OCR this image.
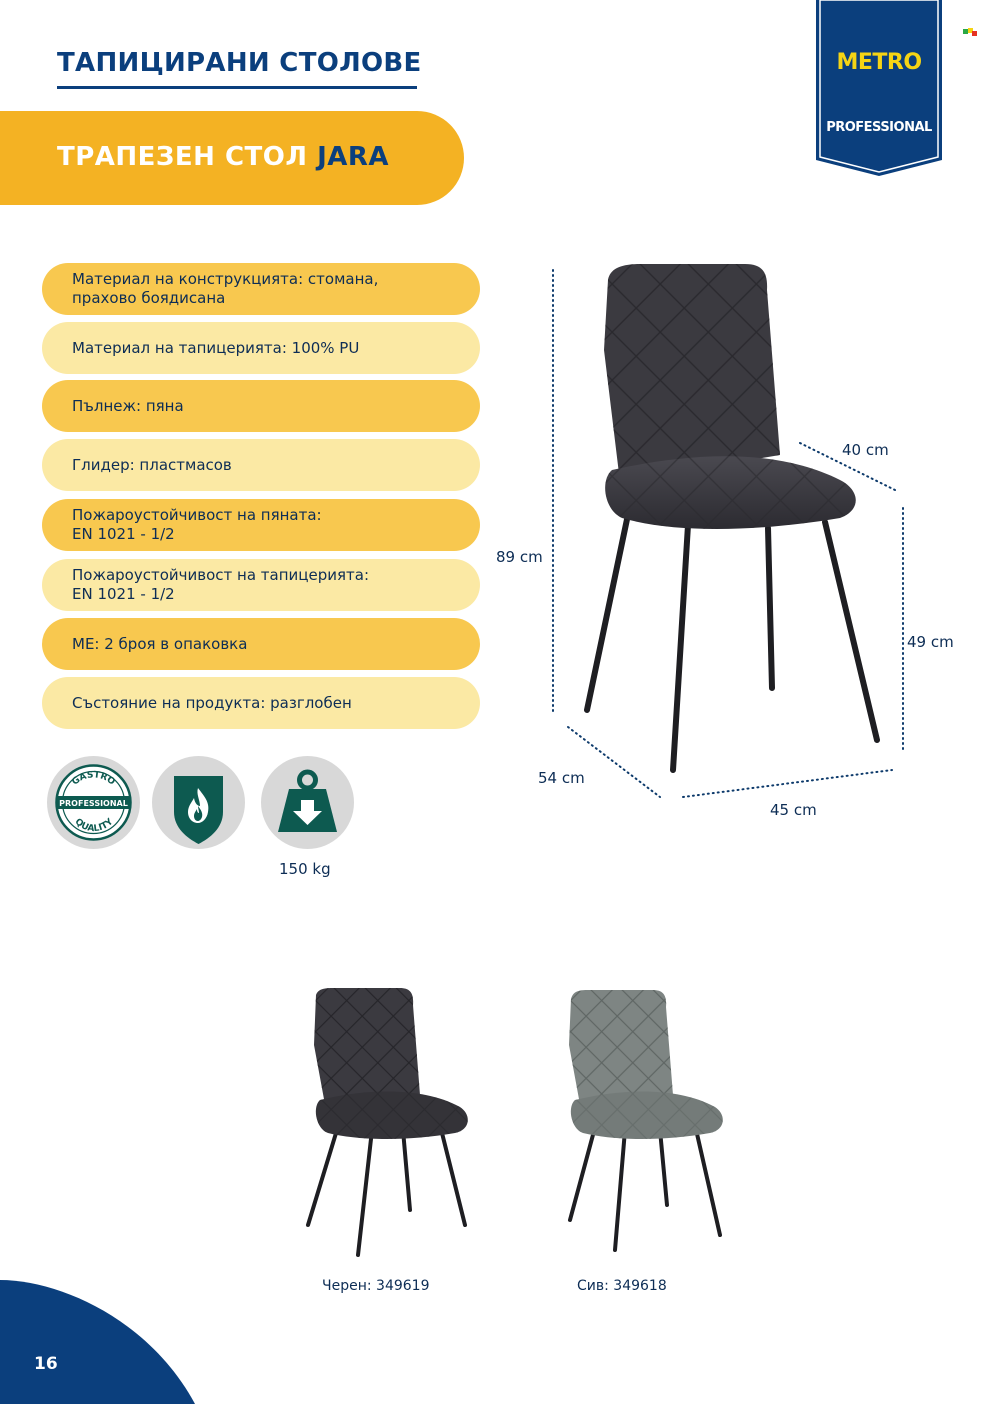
ТАПИЦИРАНИ СТОЛОВЕ
ТРАПЕЗЕН СТОЛ JARA
METRO
PROFESSIONAL
Материал на конструкцията: стомана,
прахово боядисана
Материал на тапицерията: 100% PU
Пълнеж: пяна
Глидер: пластмасов
Пожароустойчивост на пяната:
EN 1021 - 1/2
Пожароустойчивост на тапицерията:
EN 1021 - 1/2
МЕ: 2 броя в опаковка
Състояние на продукта: разглобен
GASTRO
PROFESSIONAL
QUALITY
150 kg
89 cm
40 cm
49 cm
54 cm
45 cm
Черен: 349619	Сив: 349618
16
